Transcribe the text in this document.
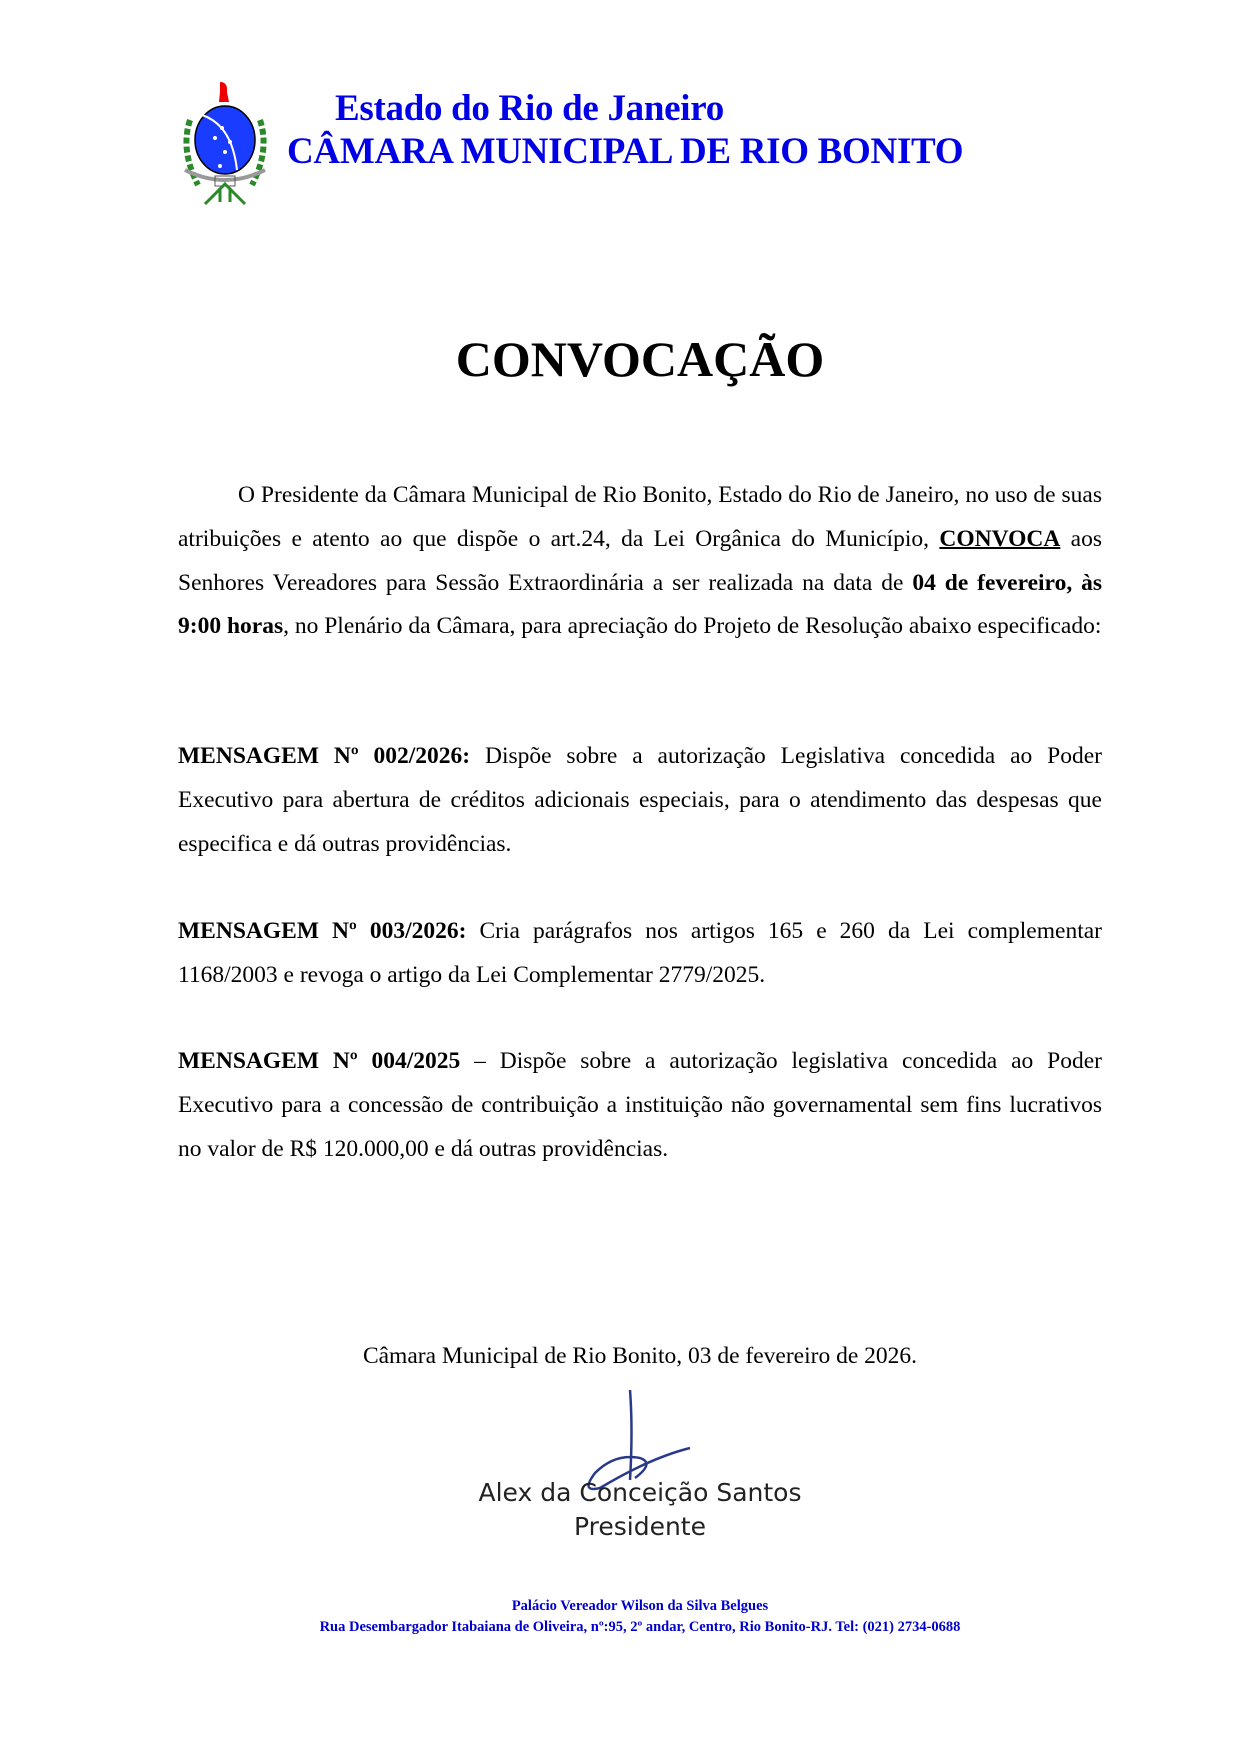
Estado do Rio de Janeiro
CÂMARA MUNICIPAL DE RIO BONITO
CONVOCAÇÃO
O Presidente da Câmara Municipal de Rio Bonito, Estado do Rio de Janeiro, no uso de suas atribuições e atento ao que dispõe o art.24, da Lei Orgânica do Município, CONVOCA aos Senhores Vereadores para Sessão Extraordinária a ser realizada na data de 04 de fevereiro, às 9:00 horas, no Plenário da Câmara, para apreciação do Projeto de Resolução abaixo especificado:
MENSAGEM Nº 002/2026: Dispõe sobre a autorização Legislativa concedida ao Poder Executivo para abertura de créditos adicionais especiais, para o atendimento das despesas que especifica e dá outras providências.
MENSAGEM Nº 003/2026: Cria parágrafos nos artigos 165 e 260 da Lei complementar 1168/2003 e revoga o artigo da Lei Complementar 2779/2025.
MENSAGEM Nº 004/2025 – Dispõe sobre a autorização legislativa concedida ao Poder Executivo para a concessão de contribuição a instituição não governamental sem fins lucrativos no valor de R$ 120.000,00 e dá outras providências.
Câmara Municipal de Rio Bonito, 03 de fevereiro de 2026.
Alex da Conceição Santos
Presidente
Palácio Vereador Wilson da Silva Belgues
Rua Desembargador Itabaiana de Oliveira, nº:95, 2º andar, Centro, Rio Bonito-RJ. Tel: (021) 2734-0688
